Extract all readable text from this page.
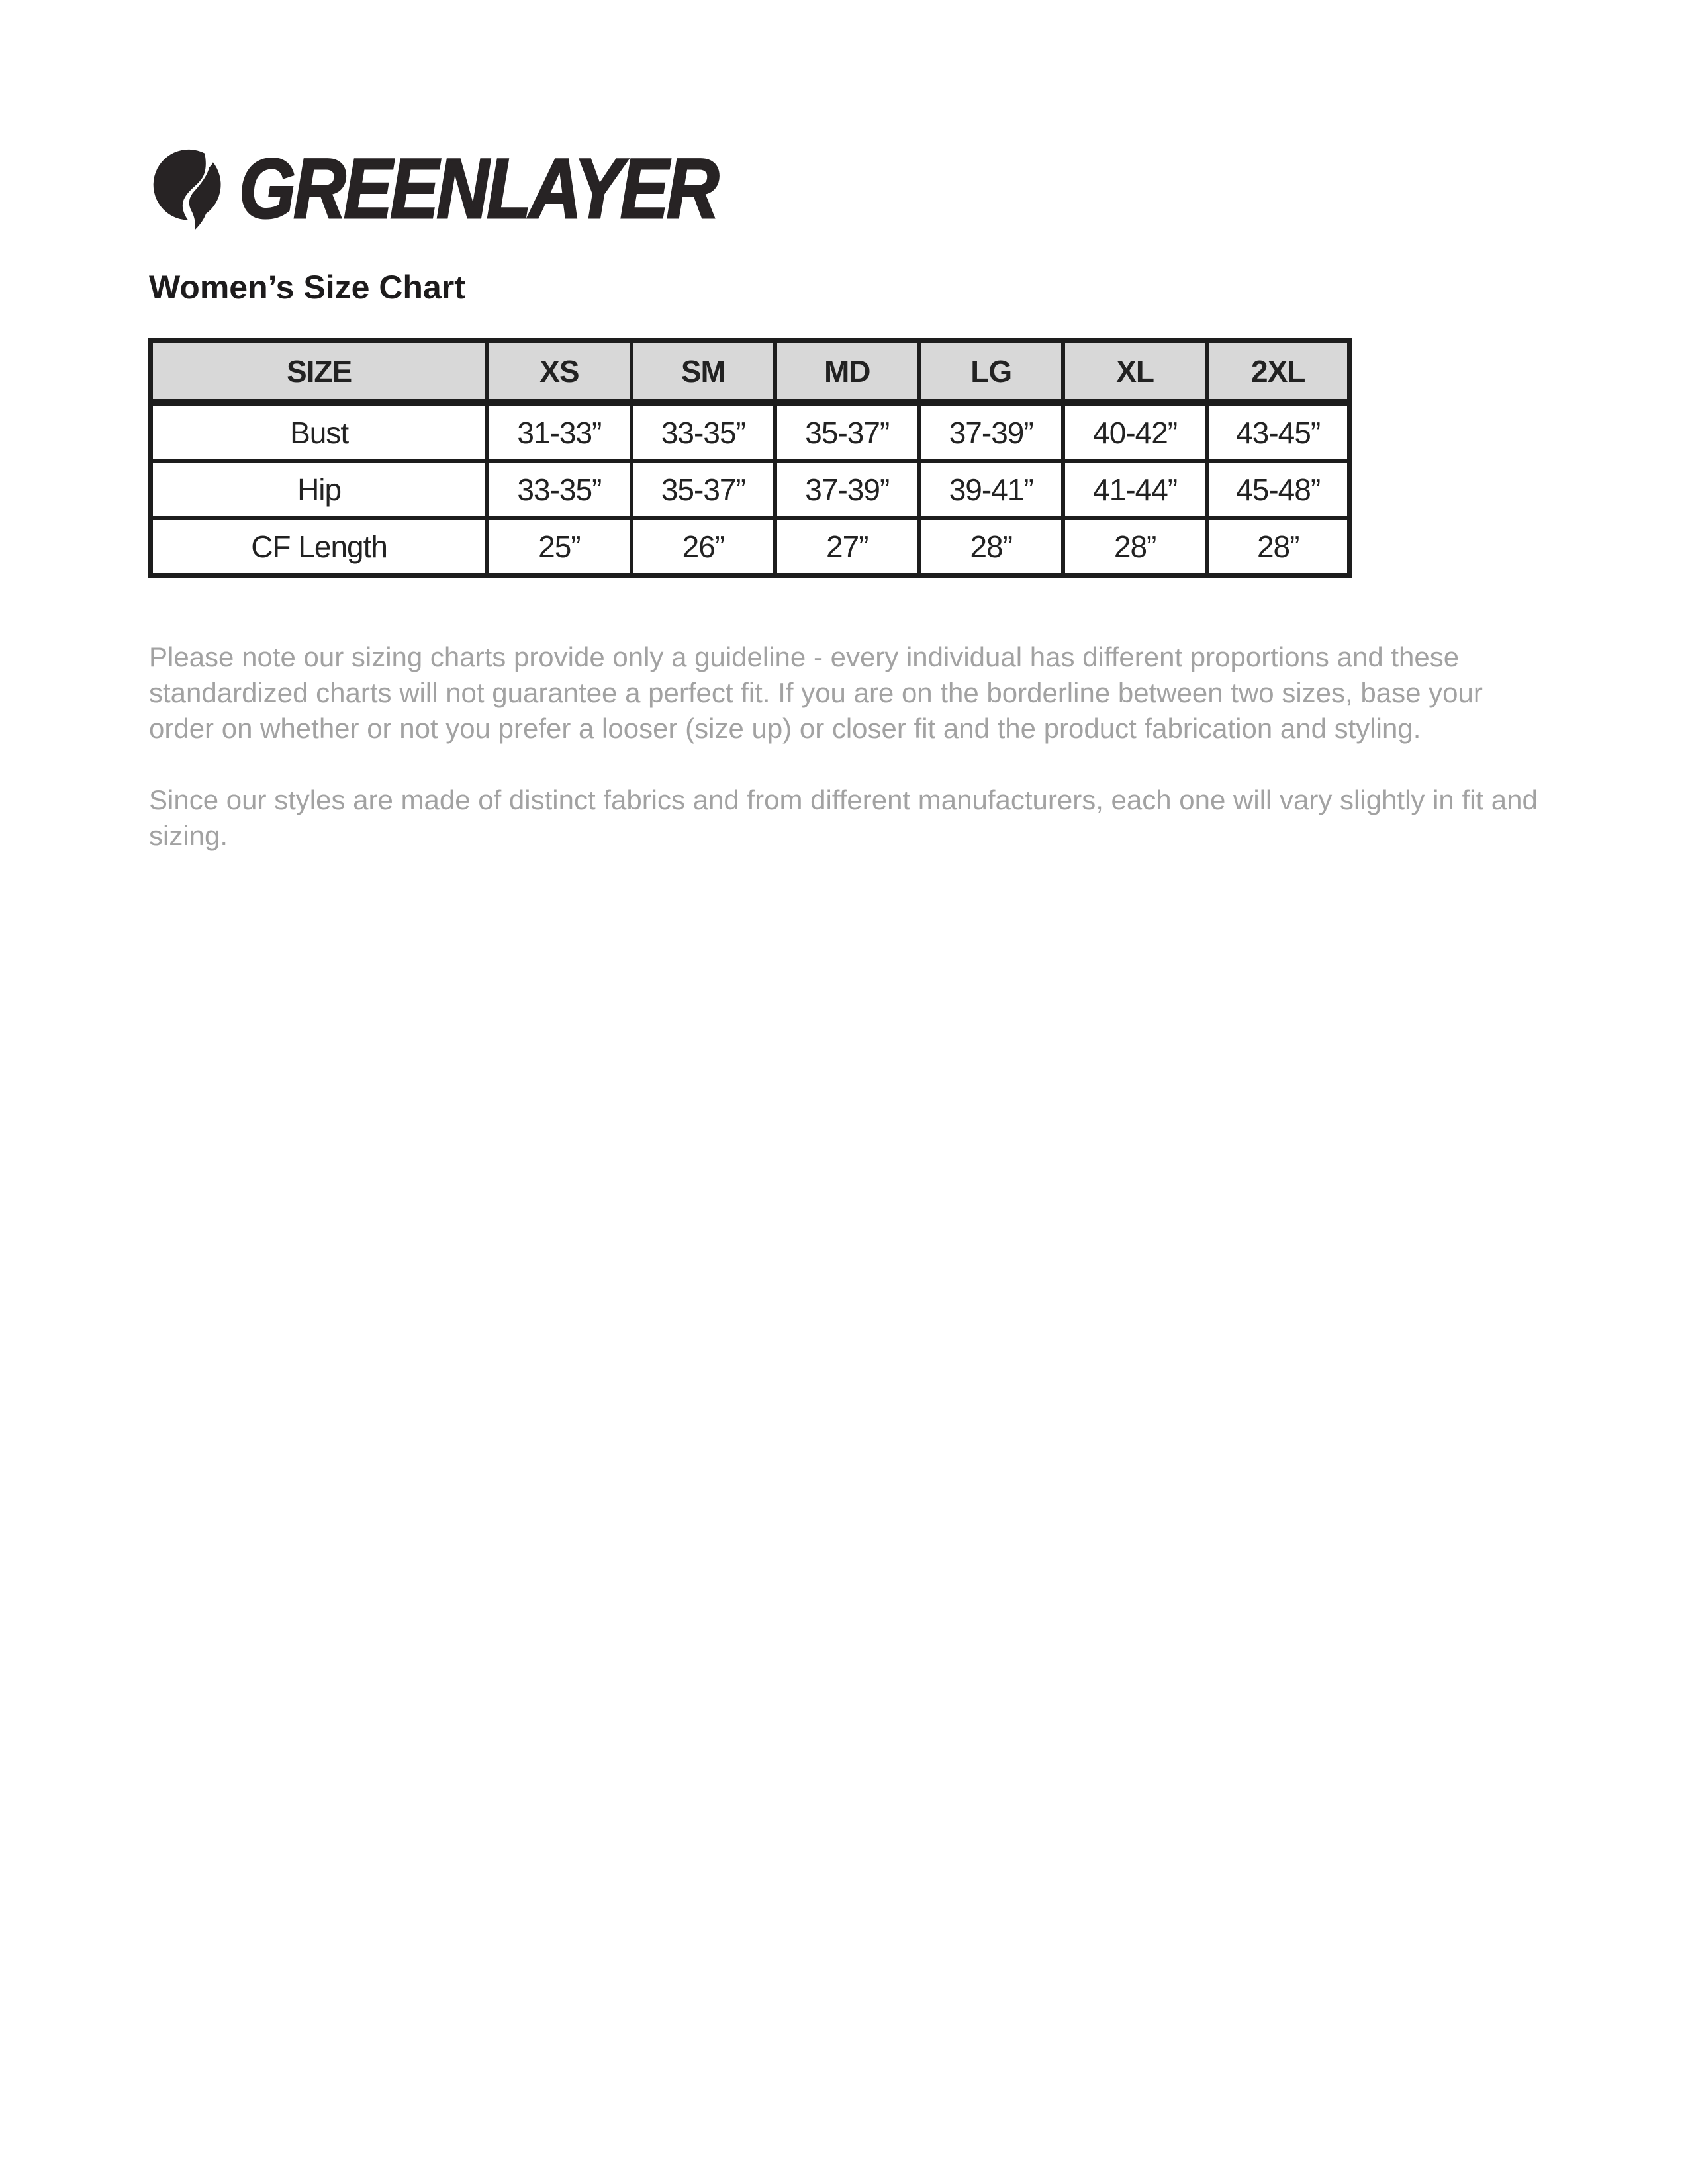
GREENLAYER
Women’s Size Chart
SIZE	XS	SM	MD	LG	XL	2XL
Bust	31-33”	33-35”	35-37”	37-39”	40-42”	43-45”
Hip	33-35”	35-37”	37-39”	39-41”	41-44”	45-48”
CF Length	25”	26”	27”	28”	28”	28”
Please note our sizing charts provide only a guideline - every individual has different proportions and these standardized charts will not guarantee a perfect fit. If you are on the borderline between two sizes, base your order on whether or not you prefer a looser (size up) or closer fit and the product fabrication and styling.
Since our styles are made of distinct fabrics and from different manufacturers, each one will vary slightly in fit and sizing.
